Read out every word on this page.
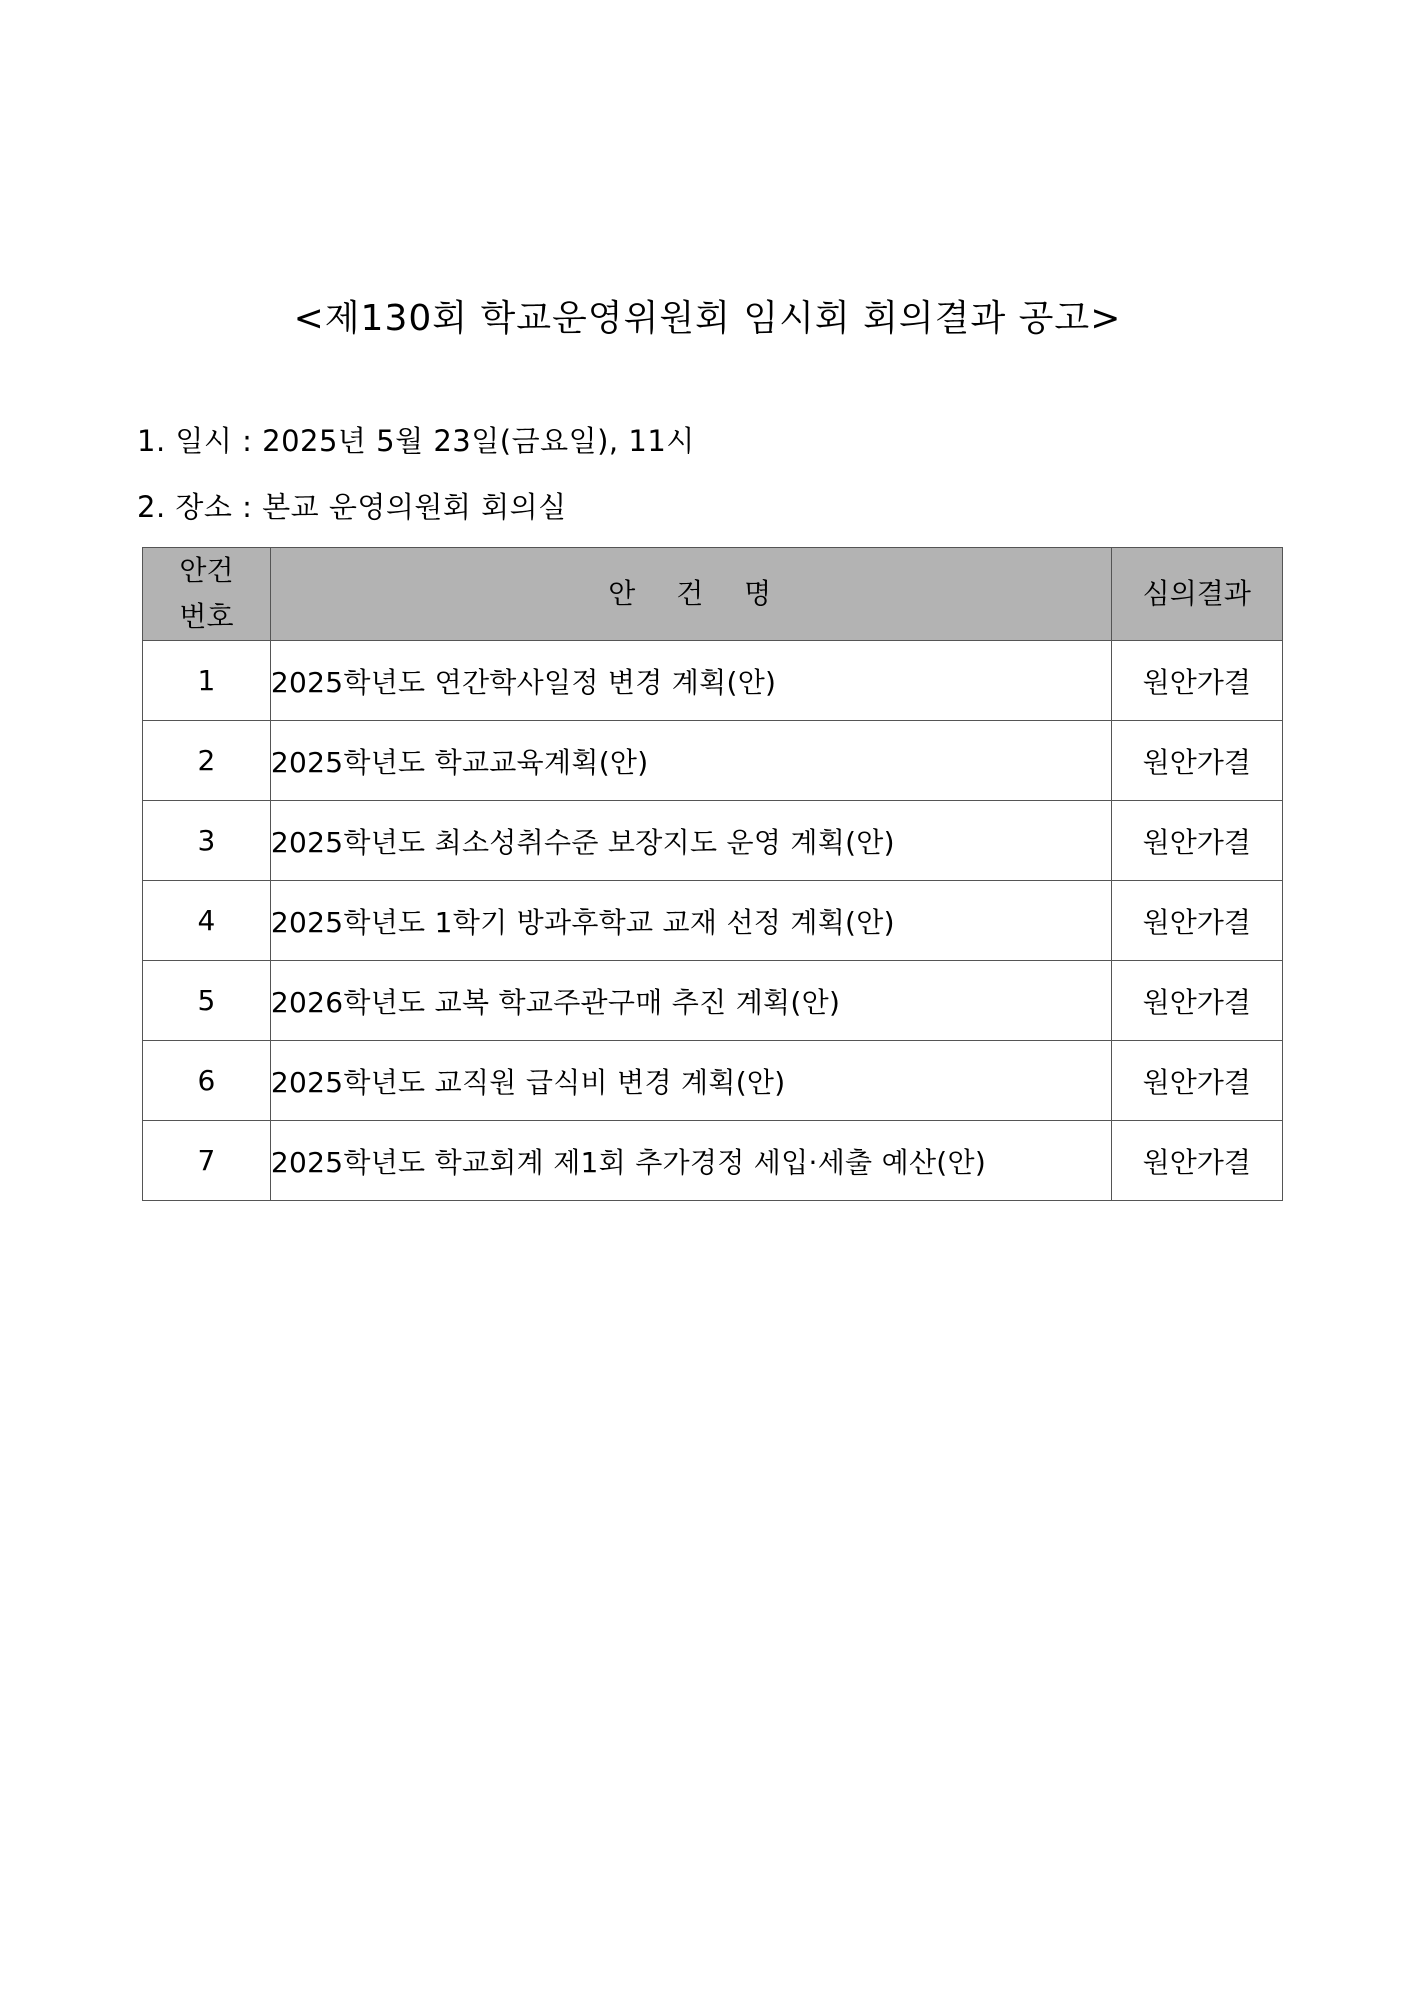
<제130회 학교운영위원회 임시회 회의결과 공고>
1. 일시 : 2025년 5월 23일(금요일), 11시
2. 장소 : 본교 운영의원회 회의실
안건
번호	안 건 명	심의결과
1	2025학년도 연간학사일정 변경 계획(안)	원안가결
2	2025학년도 학교교육계획(안)	원안가결
3	2025학년도 최소성취수준 보장지도 운영 계획(안)	원안가결
4	2025학년도 1학기 방과후학교 교재 선정 계획(안)	원안가결
5	2026학년도 교복 학교주관구매 추진 계획(안)	원안가결
6	2025학년도 교직원 급식비 변경 계획(안)	원안가결
7	2025학년도 학교회계 제1회 추가경정 세입·세출 예산(안)	원안가결
